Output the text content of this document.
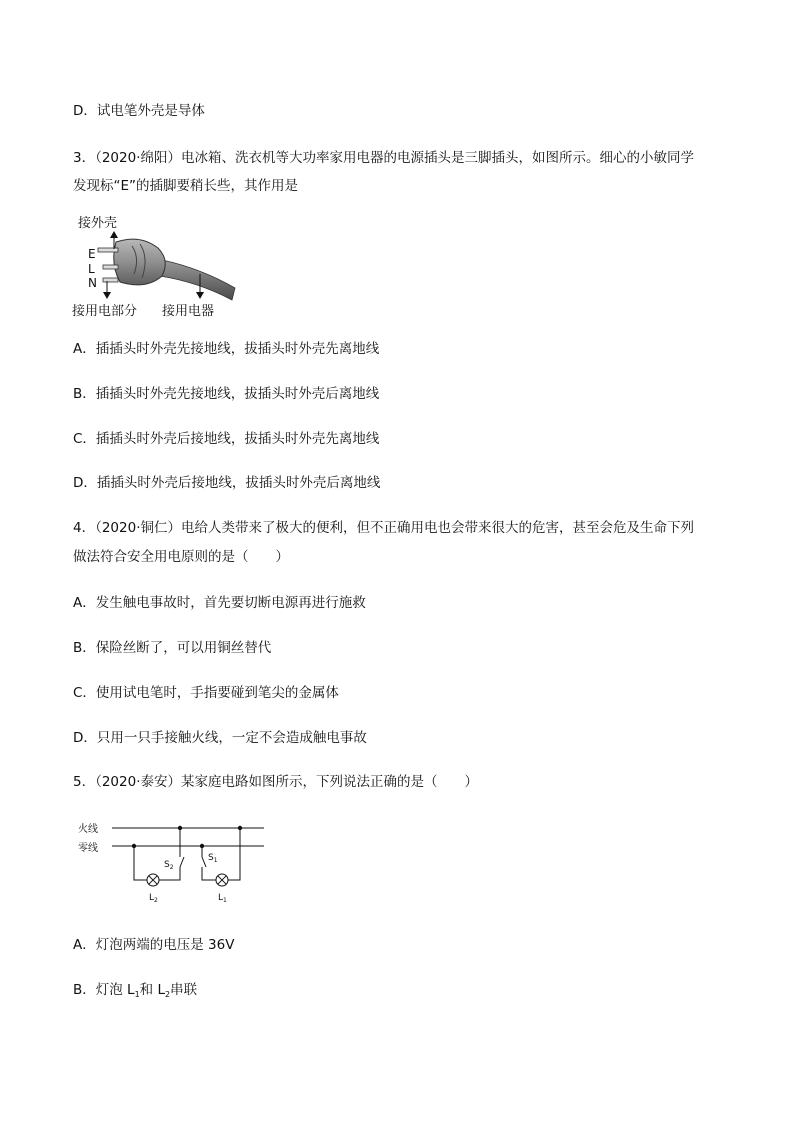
D．试电笔外壳是导体
3．（2020·绵阳）电冰箱、洗衣机等大功率家用电器的电源插头是三脚插头，如图所示。细心的小敏同学
发现标“E”的插脚要稍长些，其作用是
接外壳
E
L
N
接用电部分 接用电器
A．插插头时外壳先接地线，拔插头时外壳先离地线
B．插插头时外壳先接地线，拔插头时外壳后离地线
C．插插头时外壳后接地线，拔插头时外壳先离地线
D．插插头时外壳后接地线，拔插头时外壳后离地线
4．（2020·铜仁）电给人类带来了极大的便利，但不正确用电也会带来很大的危害，甚至会危及生命下列
做法符合安全用电原则的是（　　）
A．发生触电事故时，首先要切断电源再进行施救
B．保险丝断了，可以用铜丝替代
C．使用试电笔时，手指要碰到笔尖的金属体
D．只用一只手接触火线，一定不会造成触电事故
5．（2020·泰安）某家庭电路如图所示，下列说法正确的是（　　）
火线
零线
$S_2$
$L_2$
$S_1$
$L_1$
A．灯泡两端的电压是 36V
B．灯泡 $L_1$和 $L_2$串联
